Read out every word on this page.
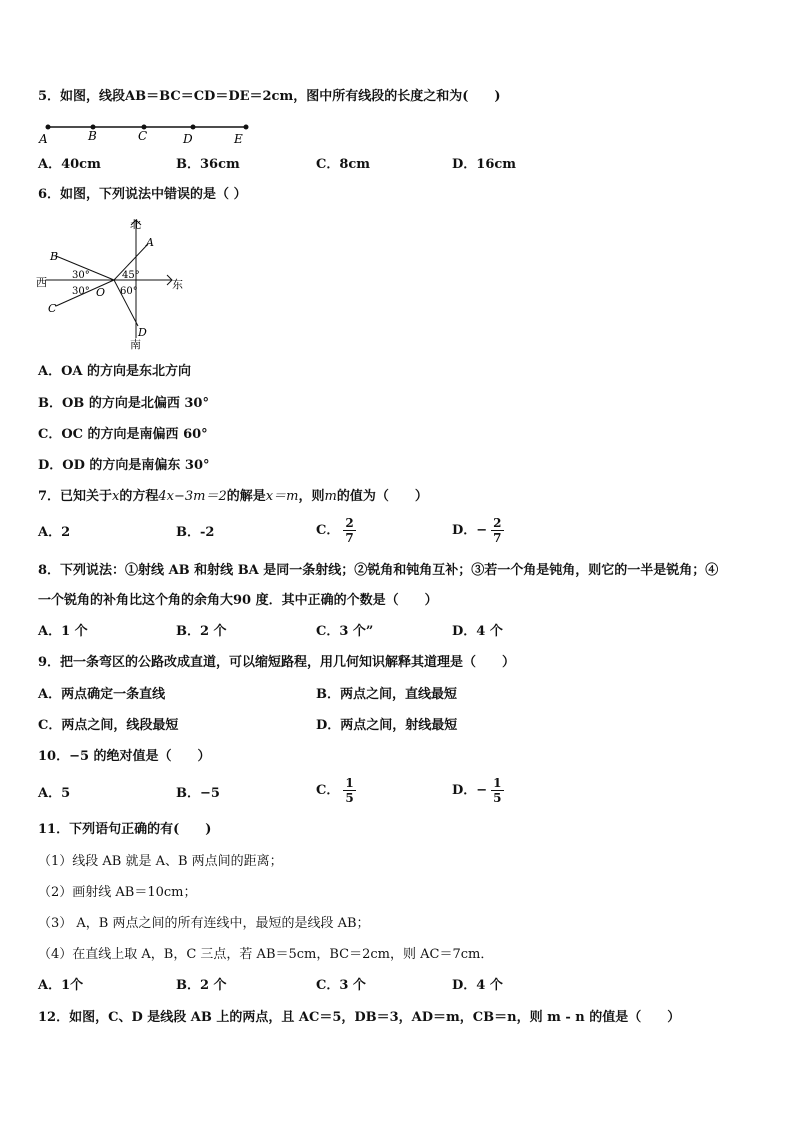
5．如图，线段AB＝BC＝CD＝DE＝2cm，图中所有线段的长度之和为(　　)
A	B	C	D	E
A．40cm	B．36cm	C．8cm	D．16cm
6．如图，下列说法中错误的是（ ）
北
南
东
西
O
A
B
C
D
30°
30°
45°
60°
A．OA 的方向是东北方向
B．OB 的方向是北偏西 30°
C．OC 的方向是南偏西 60°
D．OD 的方向是南偏东 30°
7．已知关于x的方程4x−3m＝2的解是x＝m，则m的值为（　　）
A．2	B．-2	C． $\frac{2}{7}$	D．− $\frac{2}{7}$
8．下列说法：①射线 AB 和射线 BA 是同一条射线；②锐角和钝角互补；③若一个角是钝角，则它的一半是锐角；④
一个锐角的补角比这个角的余角大90 度．其中正确的个数是（　　）
A．1 个	B．2 个	C．3 个”	D．4 个
9．把一条弯区的公路改成直道，可以缩短路程，用几何知识解释其道理是（　　）
A．两点确定一条直线	B．两点之间，直线最短
C．两点之间，线段最短	D．两点之间，射线最短
10．−5 的绝对值是（　　）
A．5	B．−5	C． $\frac{1}{5}$	D．− $\frac{1}{5}$
11．下列语句正确的有(　　)
（1）线段 AB 就是 A、B 两点间的距离；
（2）画射线 AB＝10cm；
（3） A，B 两点之间的所有连线中，最短的是线段 AB；
（4）在直线上取 A，B，C 三点，若 AB＝5cm，BC＝2cm，则 AC＝7cm．
A．1个	B．2 个	C．3 个	D．4 个
12．如图，C、D 是线段 AB 上的两点，且 AC＝5，DB＝3，AD＝m，CB＝n，则 m - n 的值是（　　）
